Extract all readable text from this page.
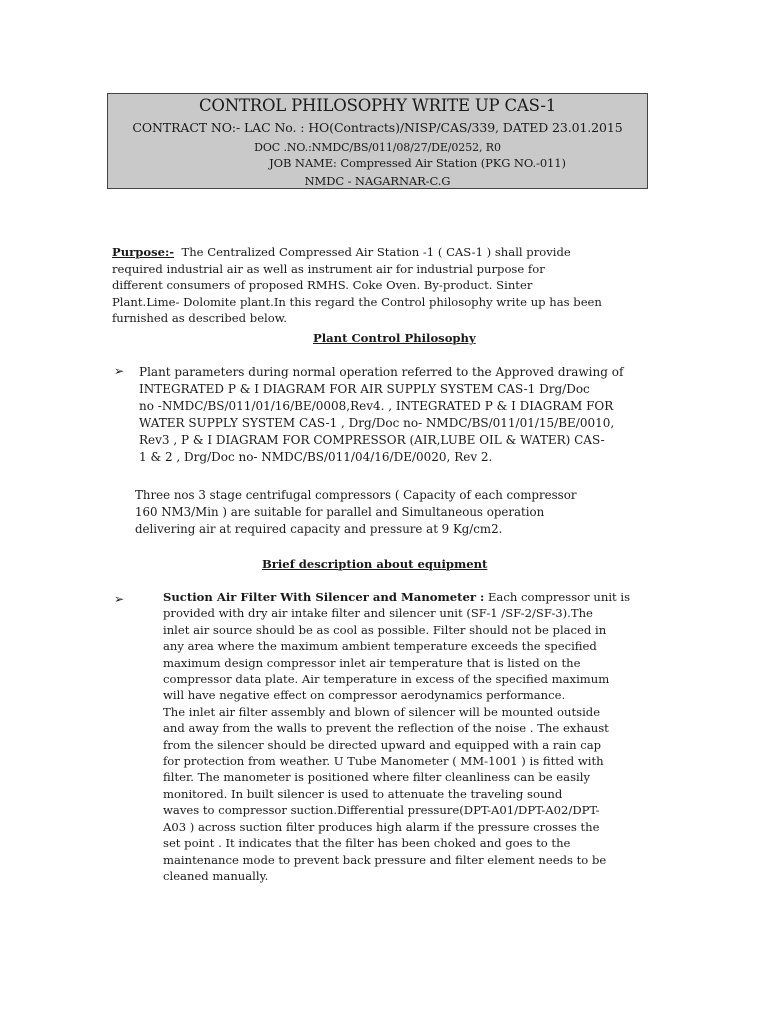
CONTROL PHILOSOPHY WRITE UP CAS-1
CONTRACT NO:- LAC No. : HO(Contracts)/NISP/CAS/339, DATED 23.01.2015
DOC .NO.:NMDC/BS/011/08/27/DE/0252, R0
JOB NAME: Compressed Air Station (PKG NO.-011)
NMDC - NAGARNAR-C.G
Purpose:- The Centralized Compressed Air Station -1 ( CAS-1 ) shall provide
required industrial air as well as instrument air for industrial purpose for
different consumers of proposed RMHS. Coke Oven. By-product. Sinter
Plant.Lime- Dolomite plant.In this regard the Control philosophy write up has been
furnished as described below.
Plant Control Philosophy
➢ Plant parameters during normal operation referred to the Approved drawing of
INTEGRATED P & I DIAGRAM FOR AIR SUPPLY SYSTEM CAS-1 Drg/Doc
no -NMDC/BS/011/01/16/BE/0008,Rev4. , INTEGRATED P & I DIAGRAM FOR
WATER SUPPLY SYSTEM CAS-1 , Drg/Doc no- NMDC/BS/011/01/15/BE/0010,
Rev3 , P & I DIAGRAM FOR COMPRESSOR (AIR,LUBE OIL & WATER) CAS-
1 & 2 , Drg/Doc no- NMDC/BS/011/04/16/DE/0020, Rev 2.
Three nos 3 stage centrifugal compressors ( Capacity of each compressor
160 NM3/Min ) are suitable for parallel and Simultaneous operation
delivering air at required capacity and pressure at 9 Kg/cm2.
Brief description about equipment
➢	Suction Air Filter With Silencer and Manometer : Each compressor unit is
provided with dry air intake filter and silencer unit (SF-1 /SF-2/SF-3).The
inlet air source should be as cool as possible. Filter should not be placed in
any area where the maximum ambient temperature exceeds the specified
maximum design compressor inlet air temperature that is listed on the
compressor data plate. Air temperature in excess of the specified maximum
will have negative effect on compressor aerodynamics performance.
The inlet air filter assembly and blown of silencer will be mounted outside
and away from the walls to prevent the reflection of the noise . The exhaust
from the silencer should be directed upward and equipped with a rain cap
for protection from weather. U Tube Manometer ( MM-1001 ) is fitted with
filter. The manometer is positioned where filter cleanliness can be easily
monitored. In built silencer is used to attenuate the traveling sound
waves to compressor suction.Differential pressure(DPT-A01/DPT-A02/DPT-
A03 ) across suction filter produces high alarm if the pressure crosses the
set point . It indicates that the filter has been choked and goes to the
maintenance mode to prevent back pressure and filter element needs to be
cleaned manually.
